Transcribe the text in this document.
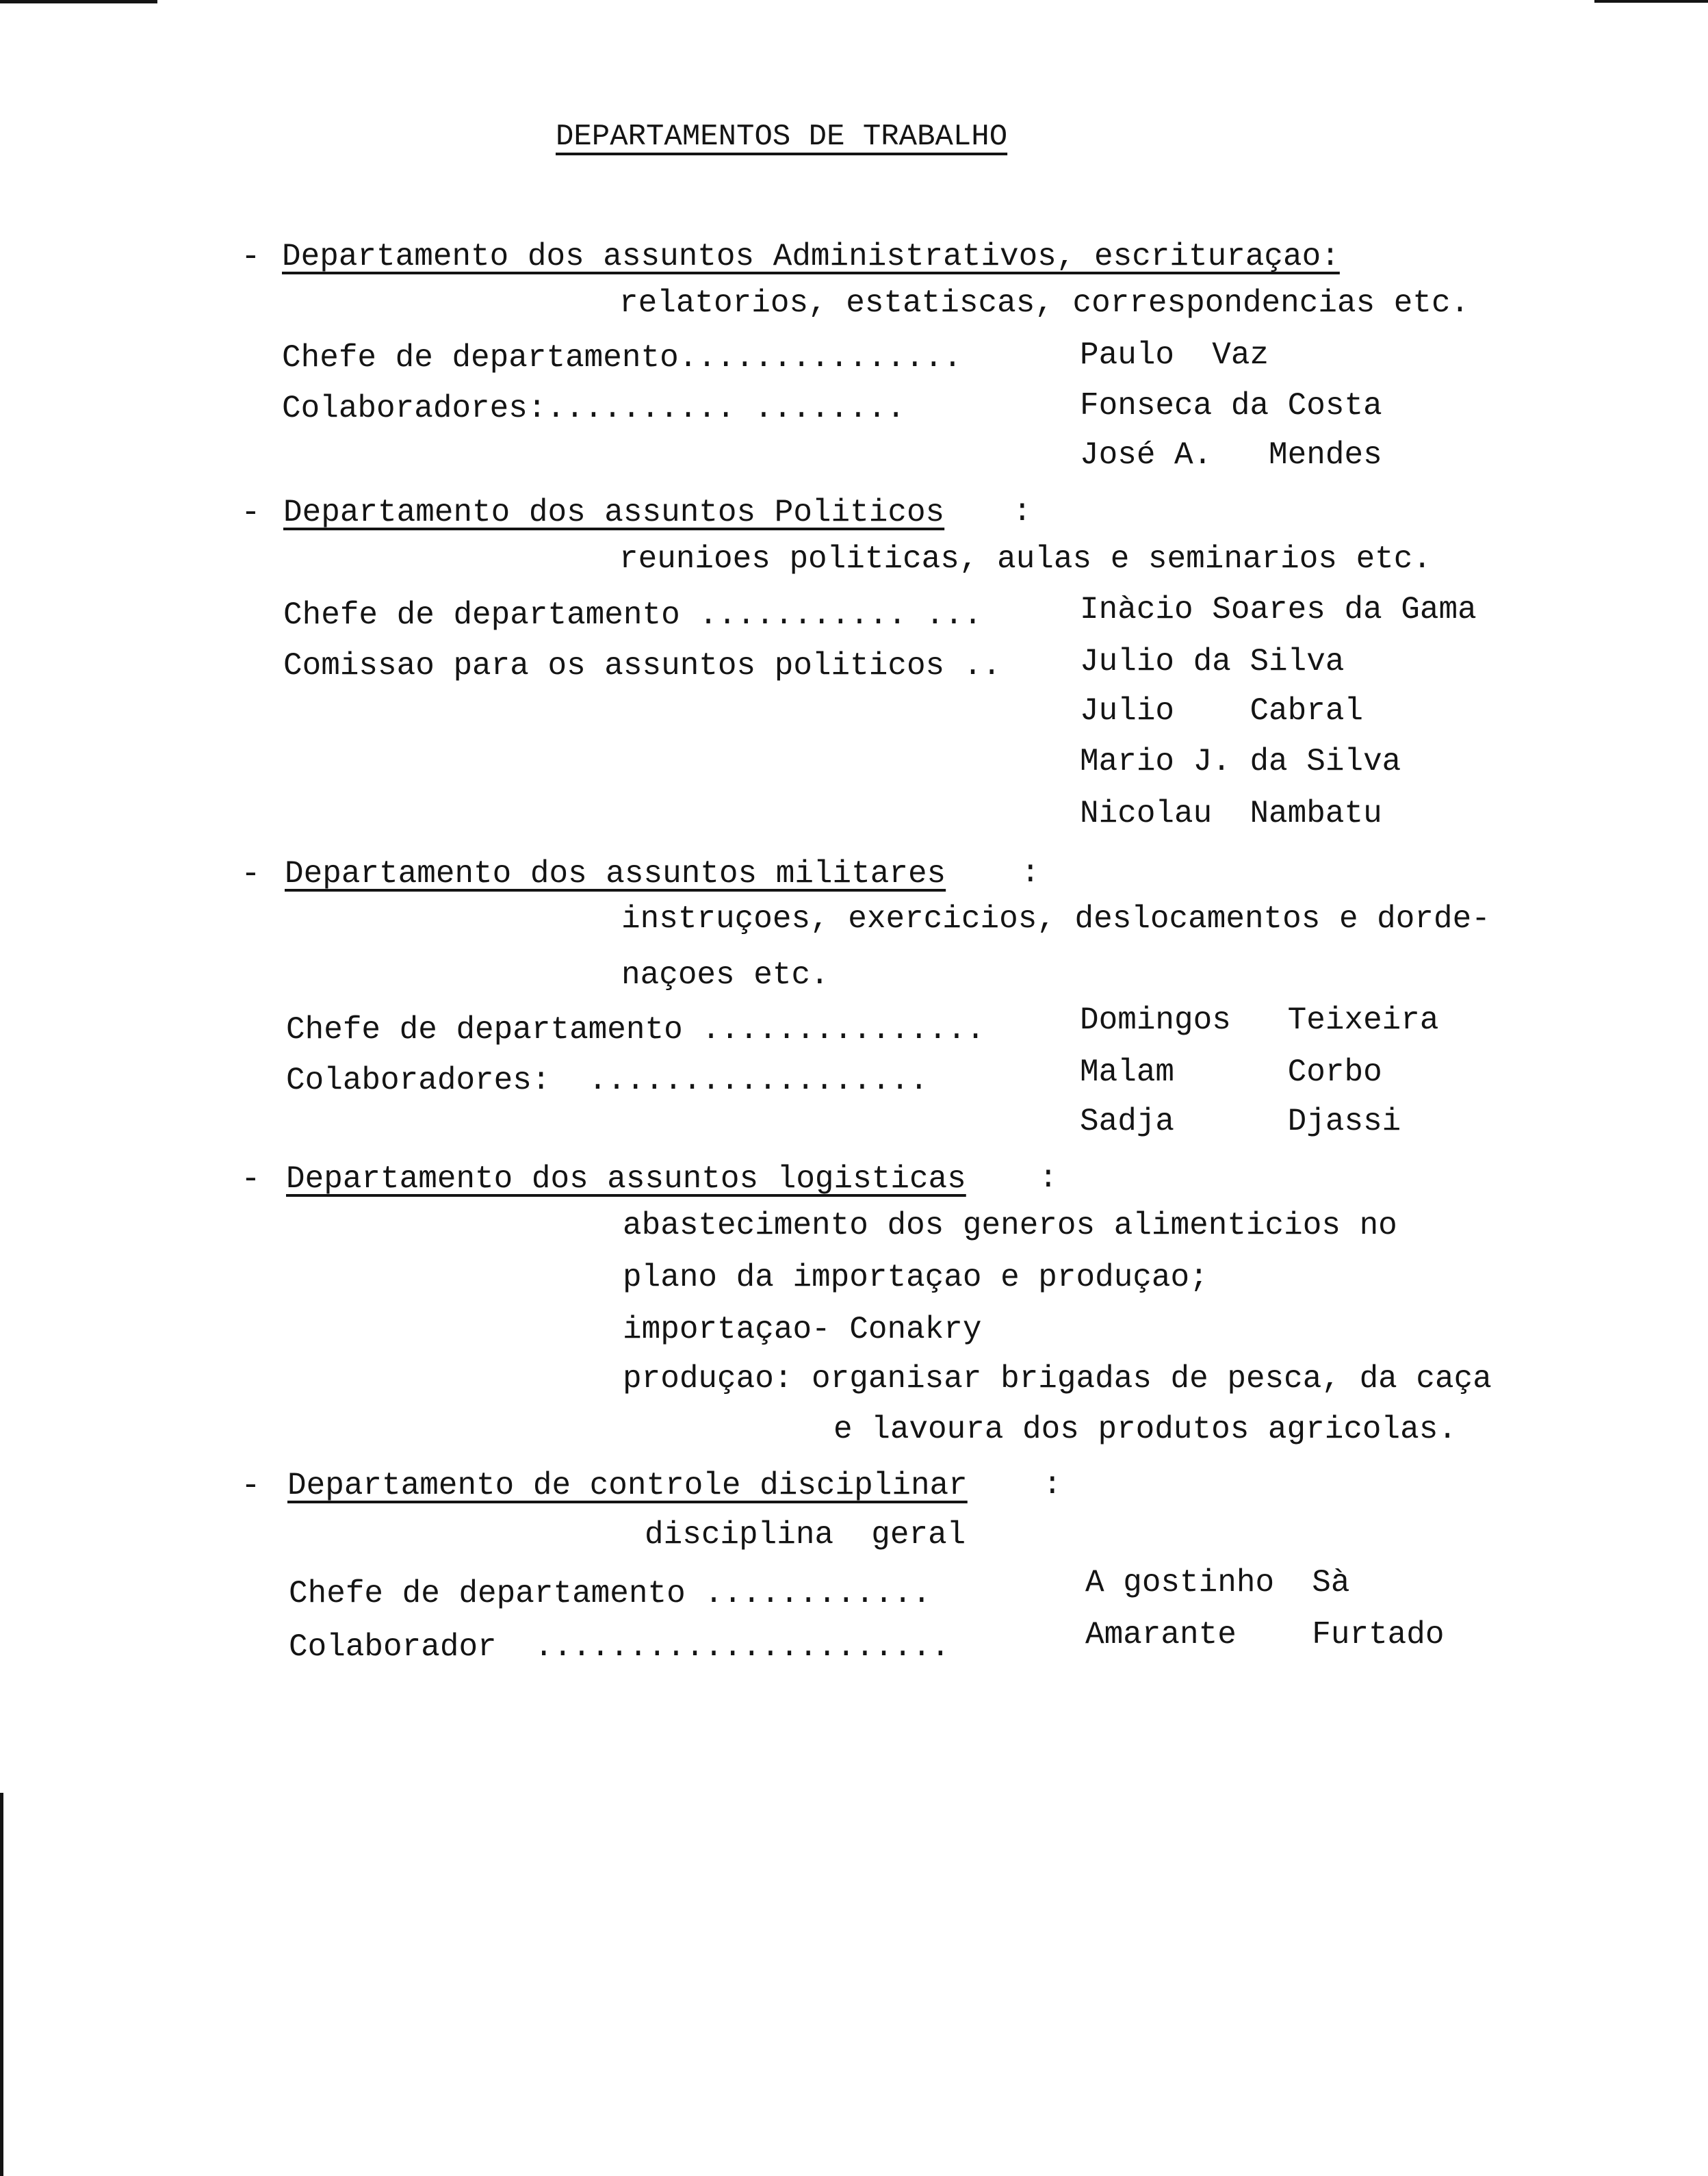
DEPARTAMENTOS DE TRABALHO
- Departamento dos assuntos Administrativos, escrituraçao:
relatorios, estatiscas, correspondencias etc.
Chefe de departamento...............	Paulo  Vaz
Colaboradores:.......... ........	Fonseca da Costa
José A.   Mendes
- Departamento dos assuntos Politicos :
reunioes politicas, aulas e seminarios etc.
Chefe de departamento ........... ...	Inàcio Soares da Gama
Comissao para os assuntos politicos ..	Julio da Silva
Julio    Cabral
Mario J. da Silva
Nicolau  Nambatu
- Departamento dos assuntos militares :
instruçoes, exercicios, deslocamentos e dorde-
naçoes etc.
Chefe de departamento ...............	Domingos   Teixeira
Colaboradores:  ..................	Malam      Corbo
Sadja      Djassi
- Departamento dos assuntos logisticas :
abastecimento dos generos alimenticios no
plano da importaçao e produçao;
importaçao- Conakry
produçao: organisar brigadas de pesca, da caça
e lavoura dos produtos agricolas.
- Departamento de controle disciplinar :
disciplina  geral
Chefe de departamento ............	A gostinho  Sà
Colaborador  ......................	Amarante    Furtado
